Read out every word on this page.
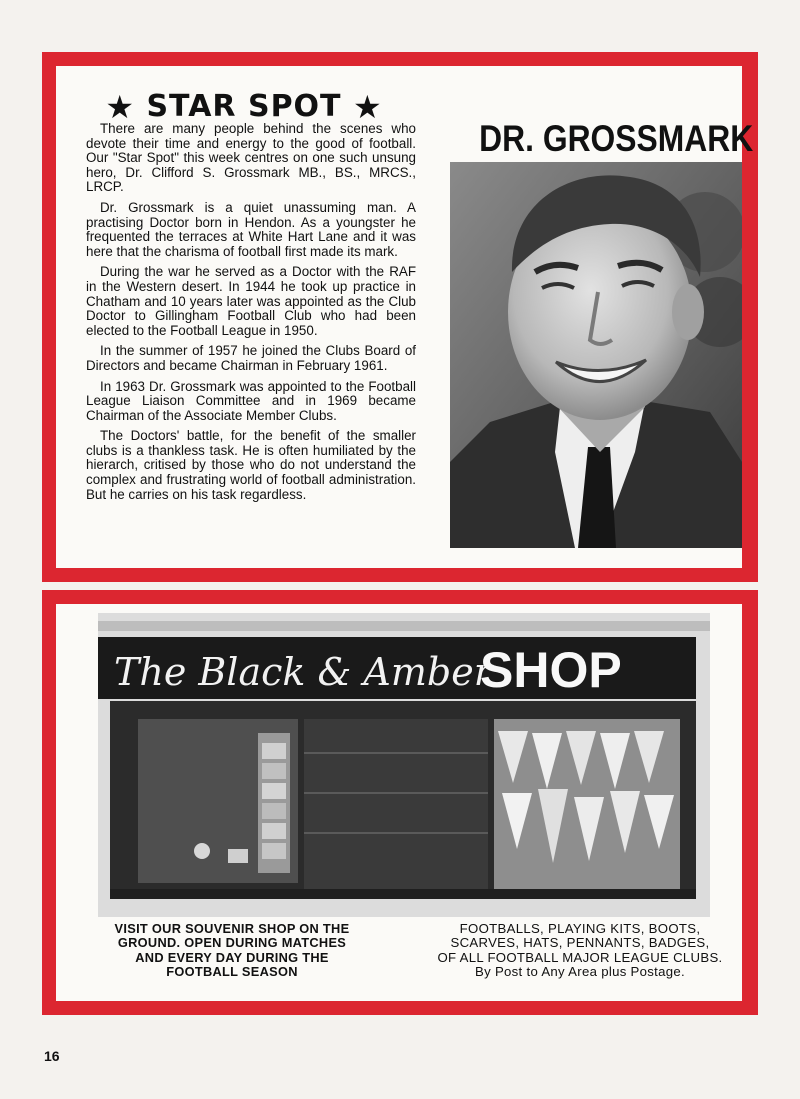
★ STAR SPOT ★

There are many people behind the scenes who devote their time and energy to the good of football. Our "Star Spot" this week centres on one such unsung hero, Dr. Clifford S. Grossmark MB., BS., MRCS., LRCP.

Dr. Grossmark is a quiet unassuming man. A practising Doctor born in Hendon. As a youngster he frequented the terraces at White Hart Lane and it was here that the charisma of football first made its mark.

During the war he served as a Doctor with the RAF in the Western desert. In 1944 he took up practice in Chatham and 10 years later was appointed as the Club Doctor to Gillingham Football Club who had been elected to the Football League in 1950.

In the summer of 1957 he joined the Clubs Board of Directors and became Chairman in February 1961.

In 1963 Dr. Grossmark was appointed to the Football League Liaison Committee and in 1969 became Chairman of the Associate Member Clubs.

The Doctors' battle, for the benefit of the smaller clubs is a thankless task. He is often humiliated by the hierarch, critised by those who do not understand the complex and frustrating world of football administration. But he carries on his task regardless.

DR. GROSSMARK
The Black & Amber
SHOP
VISIT OUR SOUVENIR SHOP ON THE
GROUND. OPEN DURING MATCHES
AND EVERY DAY DURING THE
FOOTBALL SEASON
FOOTBALLS, PLAYING KITS, BOOTS,
SCARVES, HATS, PENNANTS, BADGES,
OF ALL FOOTBALL MAJOR LEAGUE CLUBS.
By Post to Any Area plus Postage.
16
